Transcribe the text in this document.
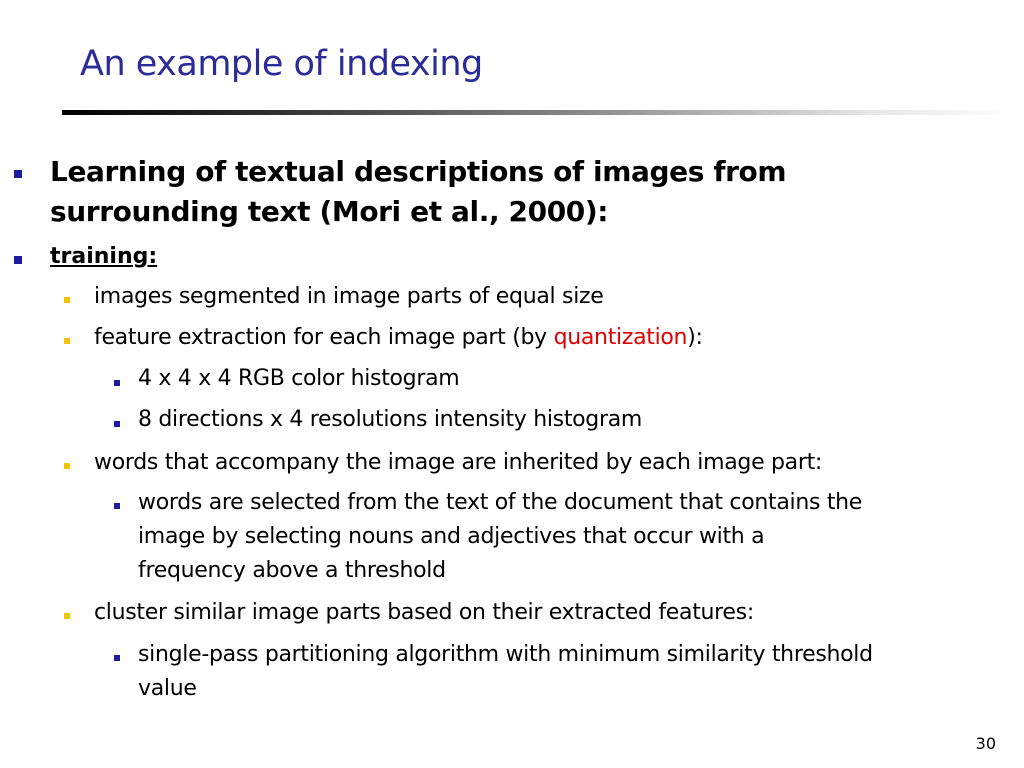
An example of indexing
Learning of textual descriptions of images from
surrounding text (Mori et al., 2000):
training:
images segmented in image parts of equal size
feature extraction for each image part (by quantization):
4 x 4 x 4 RGB color histogram
8 directions x 4 resolutions intensity histogram
words that accompany the image are inherited by each image part:
words are selected from the text of the document that contains the
image by selecting nouns and adjectives that occur with a
frequency above a threshold
cluster similar image parts based on their extracted features:
single-pass partitioning algorithm with minimum similarity threshold
value
30
